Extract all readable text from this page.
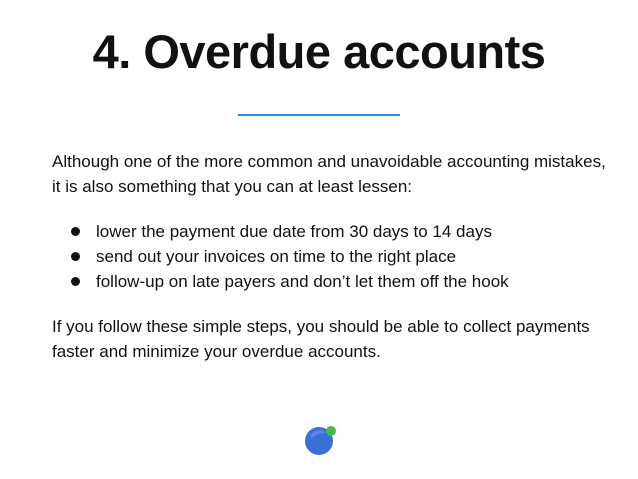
4. Overdue accounts

Although one of the more common and unavoidable accounting mistakes, it is also something that you can at least lessen:

lower the payment due date from 30 days to 14 days
send out your invoices on time to the right place
follow-up on late payers and don’t let them off the hook

If you follow these simple steps, you should be able to collect payments faster and minimize your overdue accounts.
